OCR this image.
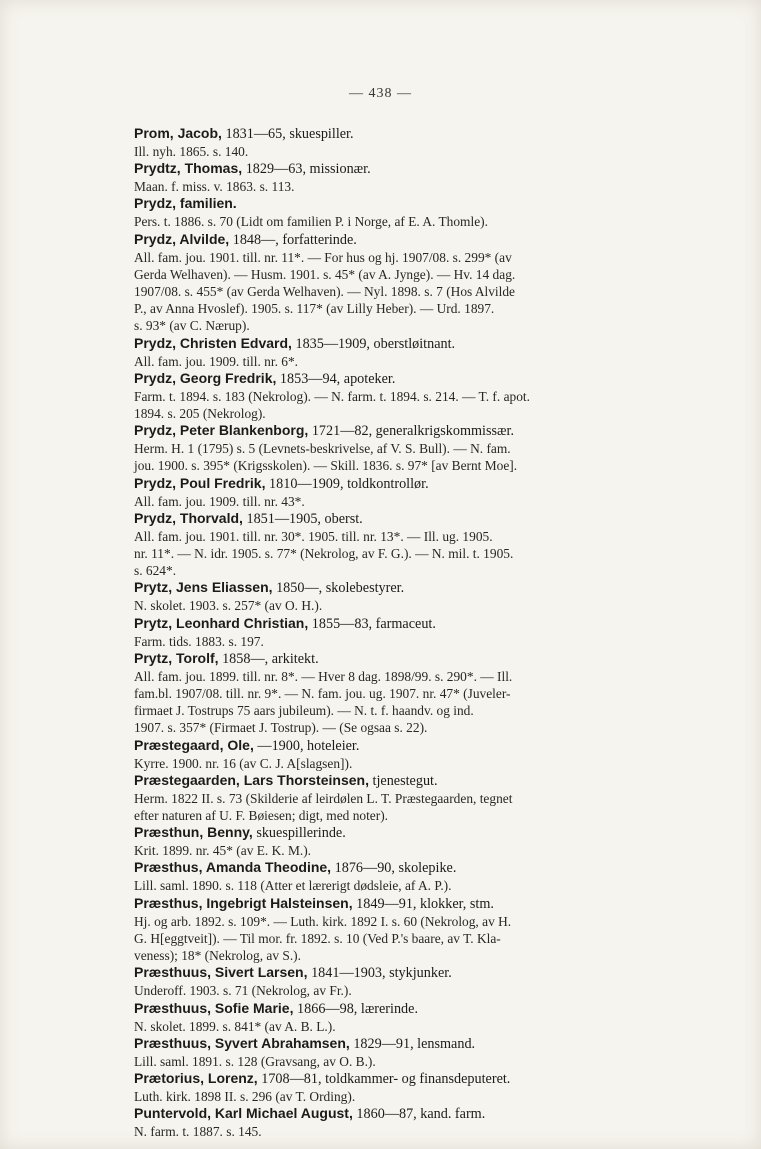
— 438 —
Prom, Jacob, 1831—65, skuespiller.
Ill. nyh. 1865. s. 140.
Prydtz, Thomas, 1829—63, missionær.
Maan. f. miss. v. 1863. s. 113.
Prydz, familien.
Pers. t. 1886. s. 70 (Lidt om familien P. i Norge, af E. A. Thomle).
Prydz, Alvilde, 1848—, forfatterinde.
All. fam. jou. 1901. till. nr. 11*. — For hus og hj. 1907/08. s. 299* (av
Gerda Welhaven). — Husm. 1901. s. 45* (av A. Jynge). — Hv. 14 dag.
1907/08. s. 455* (av Gerda Welhaven). — Nyl. 1898. s. 7 (Hos Alvilde
P., av Anna Hvoslef). 1905. s. 117* (av Lilly Heber). — Urd. 1897.
s. 93* (av C. Nærup).
Prydz, Christen Edvard, 1835—1909, oberstløitnant.
All. fam. jou. 1909. till. nr. 6*.
Prydz, Georg Fredrik, 1853—94, apoteker.
Farm. t. 1894. s. 183 (Nekrolog). — N. farm. t. 1894. s. 214. — T. f. apot.
1894. s. 205 (Nekrolog).
Prydz, Peter Blankenborg, 1721—82, generalkrigskommissær.
Herm. H. 1 (1795) s. 5 (Levnets-beskrivelse, af V. S. Bull). — N. fam.
jou. 1900. s. 395* (Krigsskolen). — Skill. 1836. s. 97* [av Bernt Moe].
Prydz, Poul Fredrik, 1810—1909, toldkontrollør.
All. fam. jou. 1909. till. nr. 43*.
Prydz, Thorvald, 1851—1905, oberst.
All. fam. jou. 1901. till. nr. 30*. 1905. till. nr. 13*. — Ill. ug. 1905.
nr. 11*. — N. idr. 1905. s. 77* (Nekrolog, av F. G.). — N. mil. t. 1905.
s. 624*.
Prytz, Jens Eliassen, 1850—, skolebestyrer.
N. skolet. 1903. s. 257* (av O. H.).
Prytz, Leonhard Christian, 1855—83, farmaceut.
Farm. tids. 1883. s. 197.
Prytz, Torolf, 1858—, arkitekt.
All. fam. jou. 1899. till. nr. 8*. — Hver 8 dag. 1898/99. s. 290*. — Ill.
fam.bl. 1907/08. till. nr. 9*. — N. fam. jou. ug. 1907. nr. 47* (Juveler-
firmaet J. Tostrups 75 aars jubileum). — N. t. f. haandv. og ind.
1907. s. 357* (Firmaet J. Tostrup). — (Se ogsaa s. 22).
Præstegaard, Ole, —1900, hoteleier.
Kyrre. 1900. nr. 16 (av C. J. A[slagsen]).
Præstegaarden, Lars Thorsteinsen, tjenestegut.
Herm. 1822 II. s. 73 (Skilderie af leirdølen L. T. Præstegaarden, tegnet
efter naturen af U. F. Bøiesen; digt, med noter).
Præsthun, Benny, skuespillerinde.
Krit. 1899. nr. 45* (av E. K. M.).
Præsthus, Amanda Theodine, 1876—90, skolepike.
Lill. saml. 1890. s. 118 (Atter et lærerigt dødsleie, af A. P.).
Præsthus, Ingebrigt Halsteinsen, 1849—91, klokker, stm.
Hj. og arb. 1892. s. 109*. — Luth. kirk. 1892 I. s. 60 (Nekrolog, av H.
G. H[eggtveit]). — Til mor. fr. 1892. s. 10 (Ved P.'s baare, av T. Kla-
veness); 18* (Nekrolog, av S.).
Præsthuus, Sivert Larsen, 1841—1903, stykjunker.
Underoff. 1903. s. 71 (Nekrolog, av Fr.).
Præsthuus, Sofie Marie, 1866—98, lærerinde.
N. skolet. 1899. s. 841* (av A. B. L.).
Præsthuus, Syvert Abrahamsen, 1829—91, lensmand.
Lill. saml. 1891. s. 128 (Gravsang, av O. B.).
Prætorius, Lorenz, 1708—81, toldkammer- og finansdeputeret.
Luth. kirk. 1898 II. s. 296 (av T. Ording).
Puntervold, Karl Michael August, 1860—87, kand. farm.
N. farm. t. 1887. s. 145.
